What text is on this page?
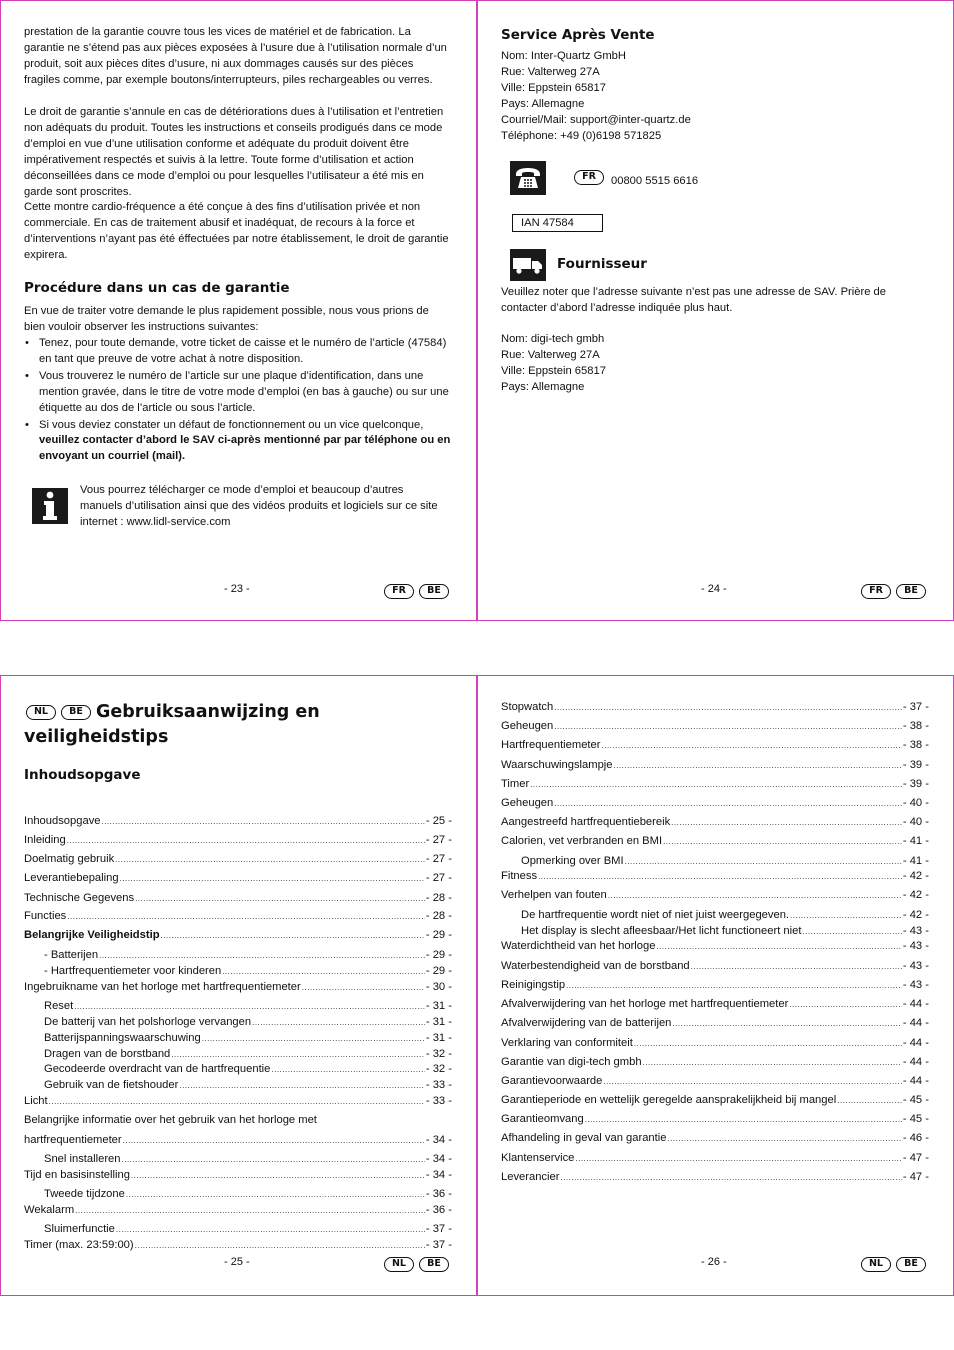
prestation de la garantie couvre tous les vices de matériel et de fabrication. La garantie ne s’étend pas aux pièces exposées à l’usure due à l’utilisation normale d’un produit, soit aux pièces dites d’usure, ni aux dommages causés sur des pièces fragiles comme, par exemple boutons/interrupteurs, piles rechargeables ou verres.
Le droit de garantie s’annule en cas de détériorations dues à l’utilisation et l’entretien non adéquats du produit. Toutes les instructions et conseils prodigués dans ce mode d’emploi en vue d’une utilisation conforme et adéquate du produit doivent être impérativement respectés et suivis à la lettre. Toute forme d’utilisation et action déconseillées dans ce mode d’emploi ou pour lesquelles l’utilisateur a été mis en garde sont proscrites.
Cette montre cardio-fréquence a été conçue à des fins d’utilisation privée et non commerciale. En cas de traitement abusif et inadéquat, de recours à la force et d’interventions n’ayant pas été éffectuées par notre établissement, le droit de garantie expirera.
Procédure dans un cas de garantie
En vue de traiter votre demande le plus rapidement possible, nous vous prions de bien vouloir observer les instructions suivantes:
• Tenez, pour toute demande, votre ticket de caisse et le numéro de l’article (47584) en tant que preuve de votre achat à notre disposition.
• Vous trouverez le numéro de l’article sur une plaque d’identification, dans une mention gravée, dans le titre de votre mode d’emploi (en bas à gauche) ou sur une étiquette au dos de l’article ou sous l’article.
• Si vous deviez constater un défaut de fonctionnement ou un vice quelconque, veuillez contacter d’abord le SAV ci-après mentionné par par téléphone ou en envoyant un courriel (mail).
Vous pourrez télécharger ce mode d’emploi et beaucoup d’autres manuels d’utilisation ainsi que des vidéos produits et logiciels sur ce site internet : www.lidl-service.com
- 23 -	FR	BE
Service Après Vente
Nom: Inter-Quartz GmbH
Rue: Valterweg 27A
Ville: Eppstein 65817
Pays: Allemagne
Courriel/Mail: support@inter-quartz.de
Téléphone: +49 (0)6198 571825
FR	00800 5515 6616
IAN 47584
Fournisseur
Veuillez noter que l’adresse suivante n’est pas une adresse de SAV. Prière de contacter d’abord l’adresse indiquée plus haut.
Nom: digi-tech gmbh
Rue: Valterweg 27A
Ville: Eppstein 65817
Pays: Allemagne
- 24 -	FR	BE
NL	BE Gebruiksaanwijzing en
veiligheidstips
Inhoudsopgave
Inhoudsopgave .....	- 25 -
Inleiding .....	- 27 -
Doelmatig gebruik .....	- 27 -
Leverantiebepaling .....	- 27 -
Technische Gegevens .....	- 28 -
Functies .....	- 28 -
Belangrijke Veiligheidstip .....	- 29 -
- Batterijen .....	- 29 -
- Hartfrequentiemeter voor kinderen .....	- 29 -
Ingebruikname van het horloge met hartfrequentiemeter .....	- 30 -
Reset .....	- 31 -
De batterij van het polshorloge vervangen .....	- 31 -
Batterijspanningswaarschuwing .....	- 31 -
Dragen van de borstband .....	- 32 -
Gecodeerde overdracht van de hartfrequentie .....	- 32 -
Gebruik van de fietshouder .....	- 33 -
Licht .....	- 33 -
Belangrijke informatie over het gebruik van het horloge met
hartfrequentiemeter .....	- 34 -
Snel installeren .....	- 34 -
Tijd en basisinstelling .....	- 34 -
Tweede tijdzone .....	- 36 -
Wekalarm .....	- 36 -
Sluimerfunctie .....	- 37 -
Timer (max. 23:59:00) .....	- 37 -
- 25 -	NL	BE
Stopwatch .....	- 37 -
Geheugen .....	- 38 -
Hartfrequentiemeter .....	- 38 -
Waarschuwingslampje .....	- 39 -
Timer .....	- 39 -
Geheugen .....	- 40 -
Aangestreefd hartfrequentiebereik .....	- 40 -
Calorien, vet verbranden en BMI .....	- 41 -
Opmerking over BMI .....	- 41 -
Fitness .....	- 42 -
Verhelpen van fouten .....	- 42 -
De hartfrequentie wordt niet of niet juist weergegeven. .....	- 42 -
Het display is slecht afleesbaar/Het licht functioneert niet .....	- 43 -
Waterdichtheid van het horloge .....	- 43 -
Waterbestendigheid van de borstband .....	- 43 -
Reinigingstip .....	- 43 -
Afvalverwijdering van het horloge met hartfrequentiemeter .....	- 44 -
Afvalverwijdering van de batterijen .....	- 44 -
Verklaring van conformiteit .....	- 44 -
Garantie van digi-tech gmbh .....	- 44 -
Garantievoorwaarde .....	- 44 -
Garantieperiode en wettelijk geregelde aansprakelijkheid bij mangel .....	- 45 -
Garantieomvang .....	- 45 -
Afhandeling in geval van garantie .....	- 46 -
Klantenservice .....	- 47 -
Leverancier .....	- 47 -
- 26 -	NL	BE
